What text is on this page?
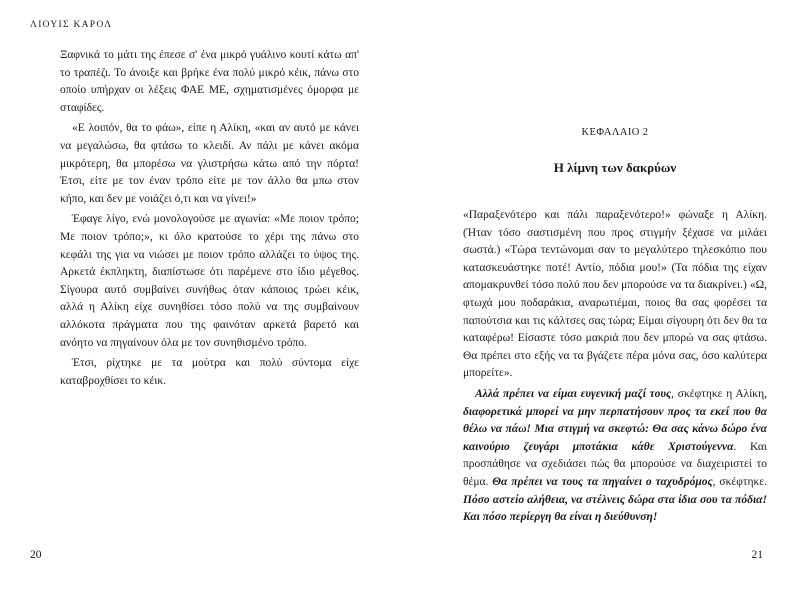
ΛΙΟΥΙΣ ΚΑΡΟΛ

Ξαφνικά το μάτι της έπεσε σ' ένα μικρό γυάλινο κουτί κάτω απ' το τραπέζι. Το άνοιξε και βρήκε ένα πολύ μικρό κέικ, πάνω στο οποίο υπήρχαν οι λέξεις ΦΑΕ ΜΕ, σχηματισμένες όμορφα με σταφίδες.

«Ε λοιπόν, θα το φάω», είπε η Αλίκη, «και αν αυτό με κάνει να μεγαλώσω, θα φτάσω το κλειδί. Αν πάλι με κάνει ακόμα μικρότερη, θα μπορέσω να γλιστρήσω κάτω από την πόρτα! Έτσι, είτε με τον έναν τρόπο είτε με τον άλλο θα μπω στον κήπο, και δεν με νοιάζει ό,τι και να γίνει!»

Έφαγε λίγο, ενώ μονολογούσε με αγωνία: «Με ποιον τρόπο; Με ποιον τρόπο;», κι όλο κρατούσε το χέρι της πάνω στο κεφάλι της για να νιώσει με ποιον τρόπο αλλάζει το ύψος της. Αρκετά έκπληκτη, διαπίστωσε ότι παρέμενε στο ίδιο μέγεθος. Σίγουρα αυτό συμβαίνει συνήθως όταν κάποιος τρώει κέικ, αλλά η Αλίκη είχε συνηθίσει τόσο πολύ να της συμβαίνουν αλλόκοτα πράγματα που της φαινόταν αρκετά βαρετό και ανόητο να πηγαίνουν όλα με τον συνηθισμένο τρόπο.

Έτσι, ρίχτηκε με τα μούτρα και πολύ σύντομα είχε καταβροχθίσει το κέικ.

20
ΚΕΦΑΛΑΙΟ 2
Η λίμνη των δακρύων

«Παραξενότερο και πάλι παραξενότερο!» φώναξε η Αλίκη. (Ήταν τόσο σαστισμένη που προς στιγμήν ξέχασε να μιλάει σωστά.) «Τώρα τεντώνομαι σαν το μεγαλύτερο τηλεσκόπιο που κατασκευάστηκε ποτέ! Αντίο, πόδια μου!» (Τα πόδια της είχαν απομακρυνθεί τόσο πολύ που δεν μπορούσε να τα διακρίνει.) «Ω, φτωχά μου ποδαράκια, αναρωτιέμαι, ποιος θα σας φορέσει τα παπούτσια και τις κάλτσες σας τώρα; Είμαι σίγουρη ότι δεν θα τα καταφέρω! Είσαστε τόσο μακριά που δεν μπορώ να σας φτάσω. Θα πρέπει στο εξής να τα βγάζετε πέρα μόνα σας, όσο καλύτερα μπορείτε».

Αλλά πρέπει να είμαι ευγενική μαζί τους, σκέφτηκε η Αλίκη, διαφορετικά μπορεί να μην περπατήσουν προς τα εκεί που θα θέλω να πάω! Μια στιγμή να σκεφτώ: Θα σας κάνω δώρο ένα καινούριο ζευγάρι μποτάκια κάθε Χριστούγεννα. Και προσπάθησε να σχεδιάσει πώς θα μπορούσε να διαχειριστεί το θέμα. Θα πρέπει να τους τα πηγαίνει ο ταχυδρόμος, σκέφτηκε. Πόσο αστείο αλήθεια, να στέλνεις δώρα στα ίδια σου τα πόδια! Και πόσο περίεργη θα είναι η διεύθυνση!

21
